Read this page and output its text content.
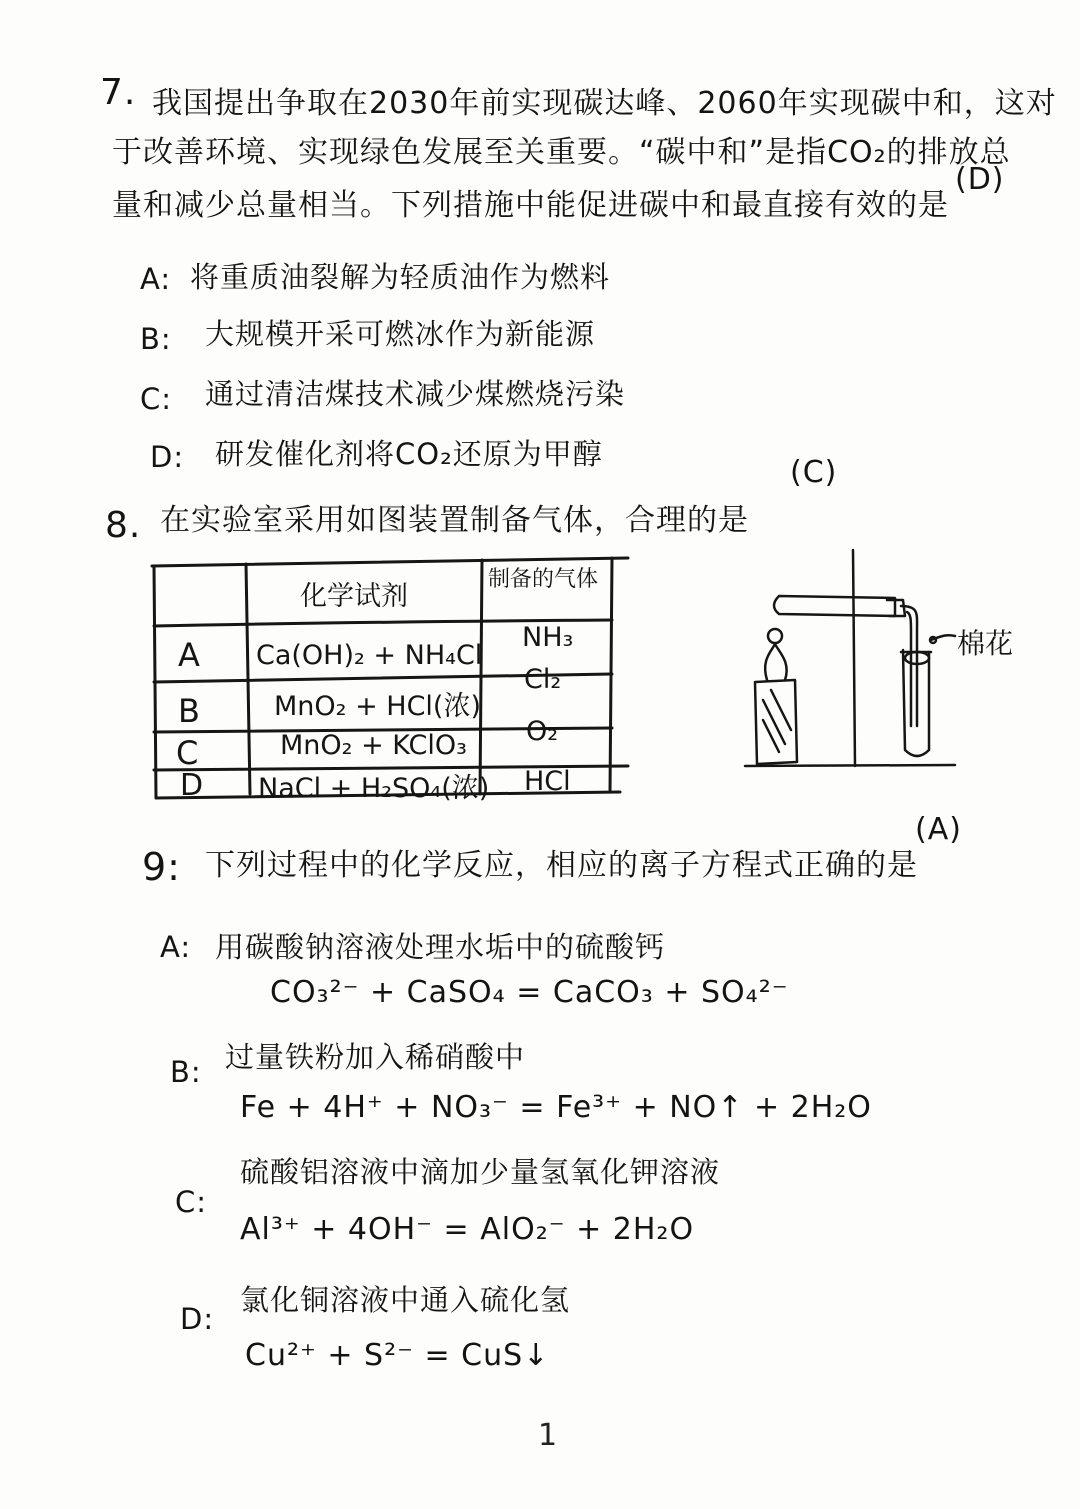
7. 我国提出争取在2030年前实现碳达峰、2060年实现碳中和，这对
于改善环境、实现绿色发展至关重要。“碳中和”是指CO₂的排放总
量和减少总量相当。下列措施中能促进碳中和最直接有效的是
(D)
A: 将重质油裂解为轻质油作为燃料
B: 大规模开采可燃冰作为新能源
C: 通过清洁煤技术减少煤燃烧污染
D: 研发催化剂将CO₂还原为甲醇
8. 在实验室采用如图装置制备气体，合理的是
(C)
化学试剂
制备的气体
A Ca(OH)₂ + NH₄Cl
NH₃
B	MnO₂ + HCl(浓)
Cl₂
C	MnO₂ + KClO₃ O₂
D NaCl + H₂SO₄(浓) HCl
棉花
9: 下列过程中的化学反应，相应的离子方程式正确的是
(A)
A: 用碳酸钠溶液处理水垢中的硫酸钙
CO₃²⁻ + CaSO₄ = CaCO₃ + SO₄²⁻
B: 过量铁粉加入稀硝酸中
Fe + 4H⁺ + NO₃⁻ = Fe³⁺ + NO↑ + 2H₂O
C:
硫酸铝溶液中滴加少量氢氧化钾溶液
Al³⁺ + 4OH⁻ = AlO₂⁻ + 2H₂O
D:
氯化铜溶液中通入硫化氢
Cu²⁺ + S²⁻ = CuS↓
1
